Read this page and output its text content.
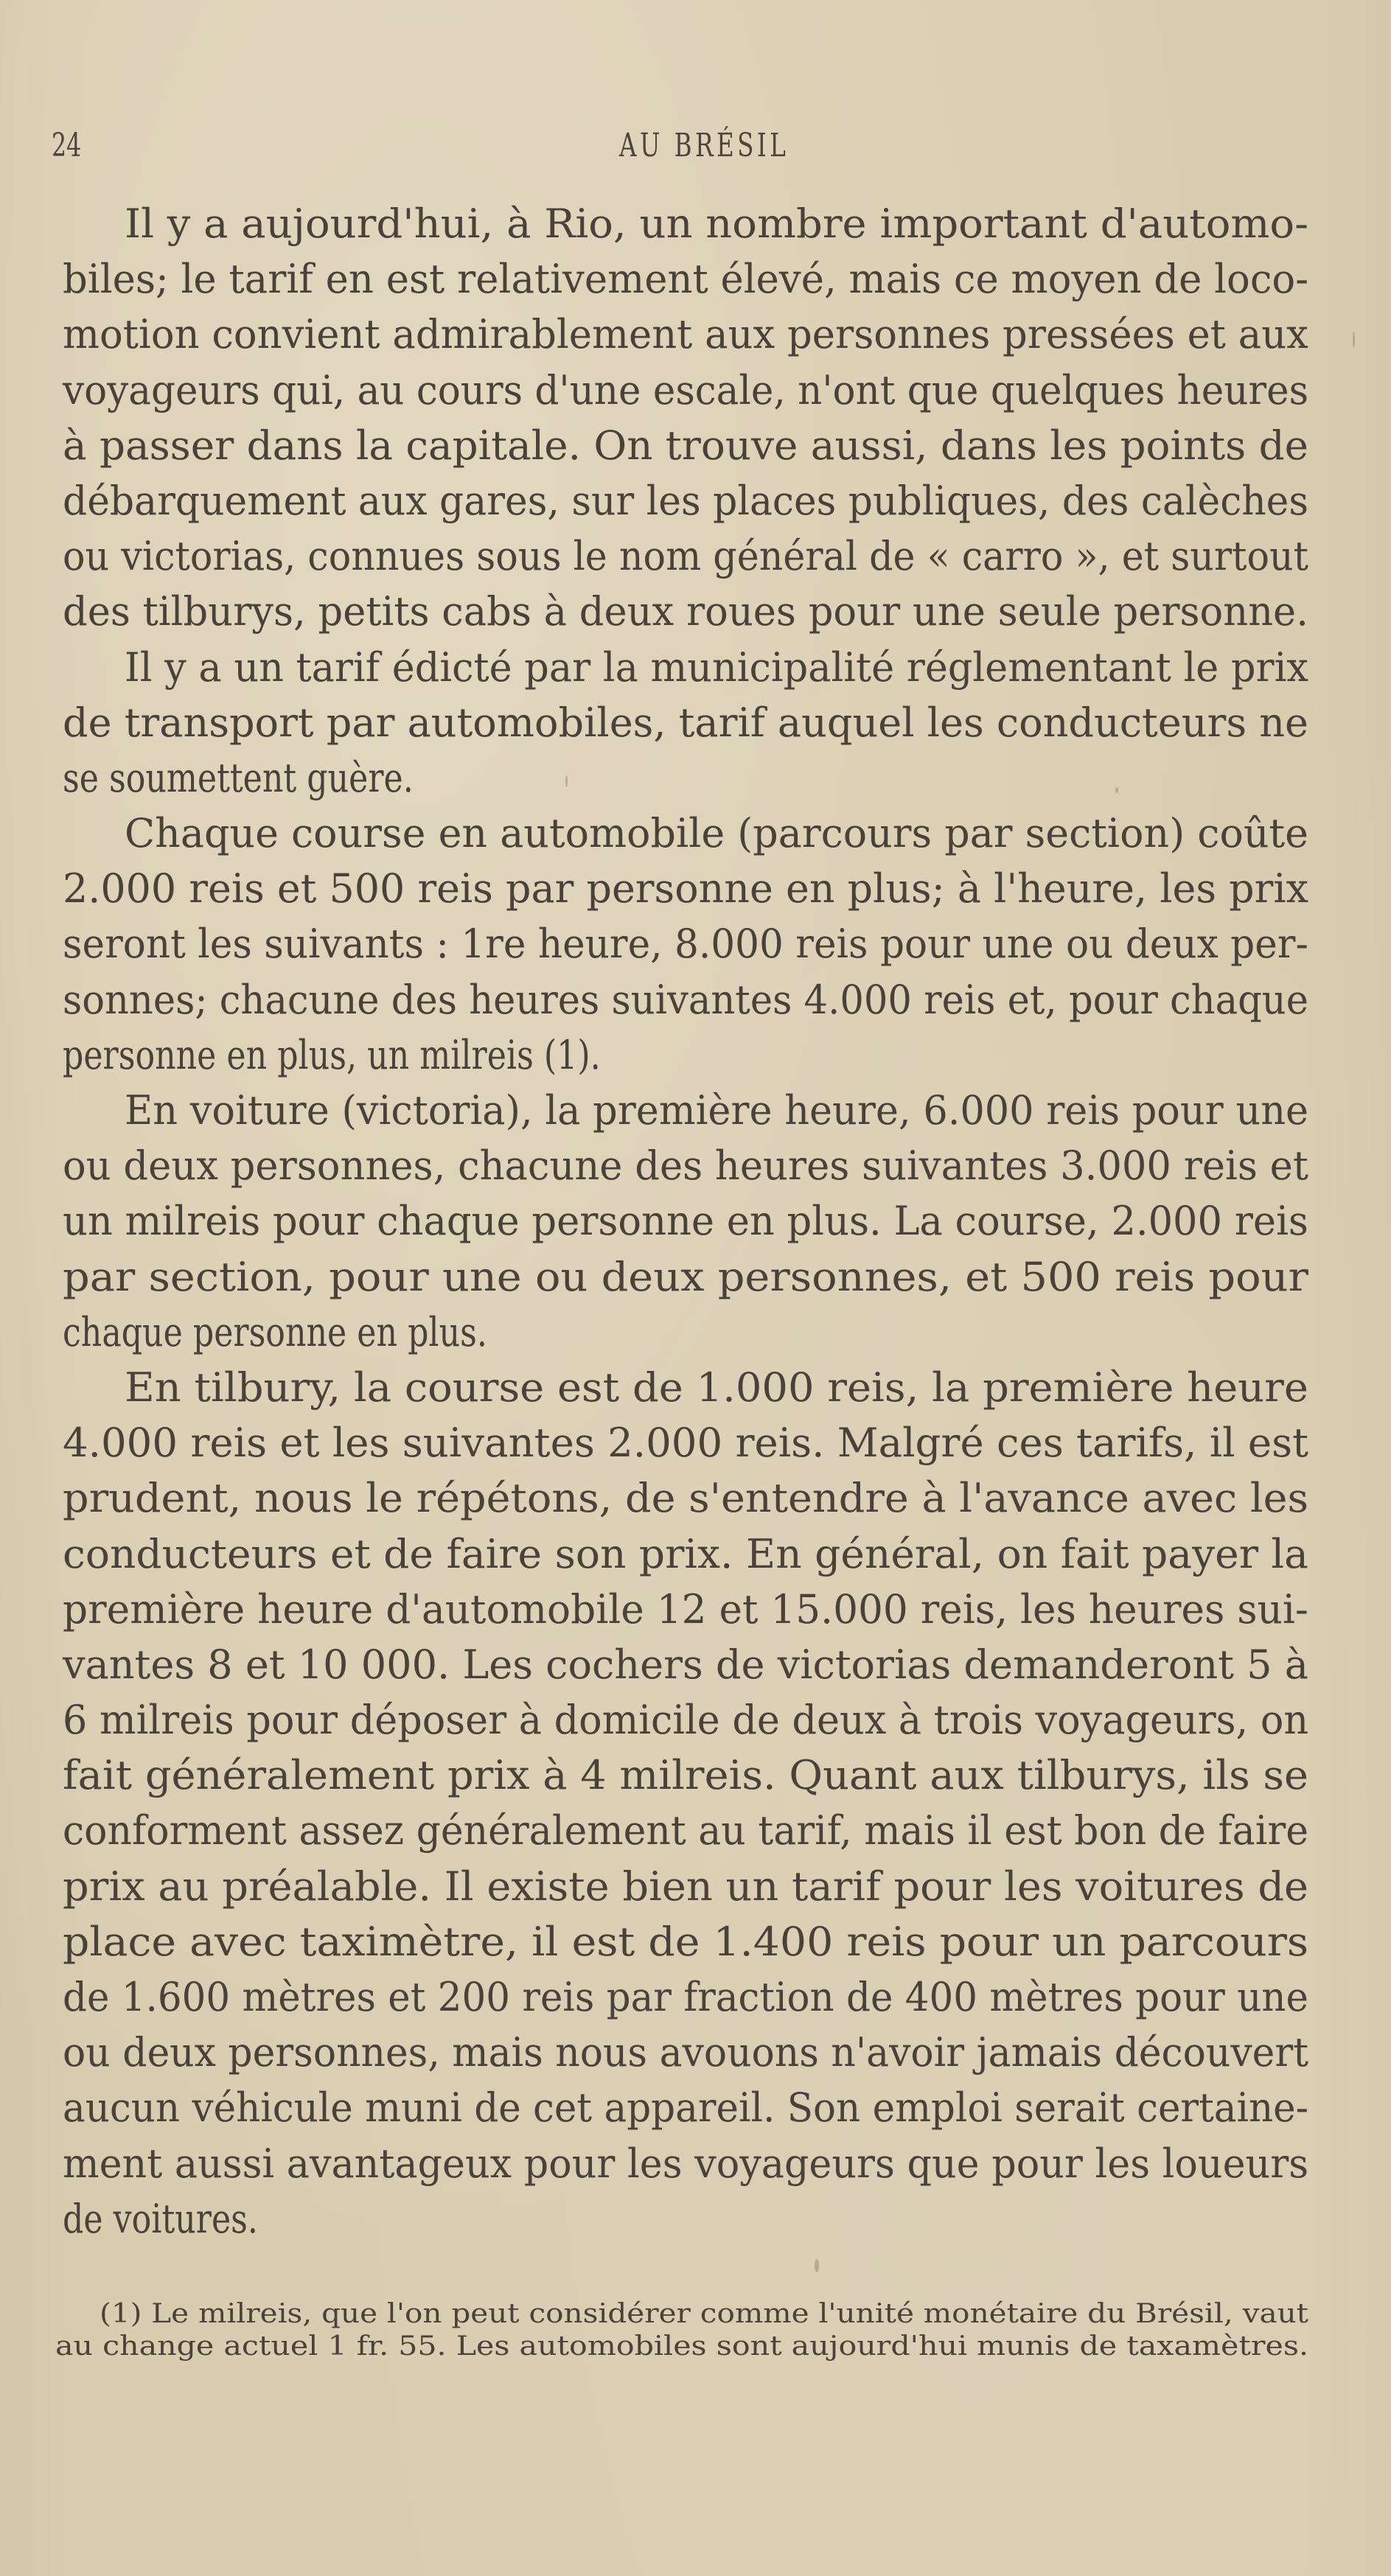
24	AU BRÉSIL
Il y a aujourd'hui, à Rio, un nombre important d'automo-
biles; le tarif en est relativement élevé, mais ce moyen de loco-
motion convient admirablement aux personnes pressées et aux
voyageurs qui, au cours d'une escale, n'ont que quelques heures
à passer dans la capitale. On trouve aussi, dans les points de
débarquement aux gares, sur les places publiques, des calèches
ou victorias, connues sous le nom général de « carro », et surtout
des tilburys, petits cabs à deux roues pour une seule personne.
Il y a un tarif édicté par la municipalité réglementant le prix
de transport par automobiles, tarif auquel les conducteurs ne
se soumettent guère.
Chaque course en automobile (parcours par section) coûte
2.000 reis et 500 reis par personne en plus; à l'heure, les prix
seront les suivants : 1re heure, 8.000 reis pour une ou deux per-
sonnes; chacune des heures suivantes 4.000 reis et, pour chaque
personne en plus, un milreis (1).
En voiture (victoria), la première heure, 6.000 reis pour une
ou deux personnes, chacune des heures suivantes 3.000 reis et
un milreis pour chaque personne en plus. La course, 2.000 reis
par section, pour une ou deux personnes, et 500 reis pour
chaque personne en plus.
En tilbury, la course est de 1.000 reis, la première heure
4.000 reis et les suivantes 2.000 reis. Malgré ces tarifs, il est
prudent, nous le répétons, de s'entendre à l'avance avec les
conducteurs et de faire son prix. En général, on fait payer la
première heure d'automobile 12 et 15.000 reis, les heures sui-
vantes 8 et 10 000. Les cochers de victorias demanderont 5 à
6 milreis pour déposer à domicile de deux à trois voyageurs, on
fait généralement prix à 4 milreis. Quant aux tilburys, ils se
conforment assez généralement au tarif, mais il est bon de faire
prix au préalable. Il existe bien un tarif pour les voitures de
place avec taximètre, il est de 1.400 reis pour un parcours
de 1.600 mètres et 200 reis par fraction de 400 mètres pour une
ou deux personnes, mais nous avouons n'avoir jamais découvert
aucun véhicule muni de cet appareil. Son emploi serait certaine-
ment aussi avantageux pour les voyageurs que pour les loueurs
de voitures.
(1) Le milreis, que l'on peut considérer comme l'unité monétaire du Brésil, vaut
au change actuel 1 fr. 55. Les automobiles sont aujourd'hui munis de taxamètres.
